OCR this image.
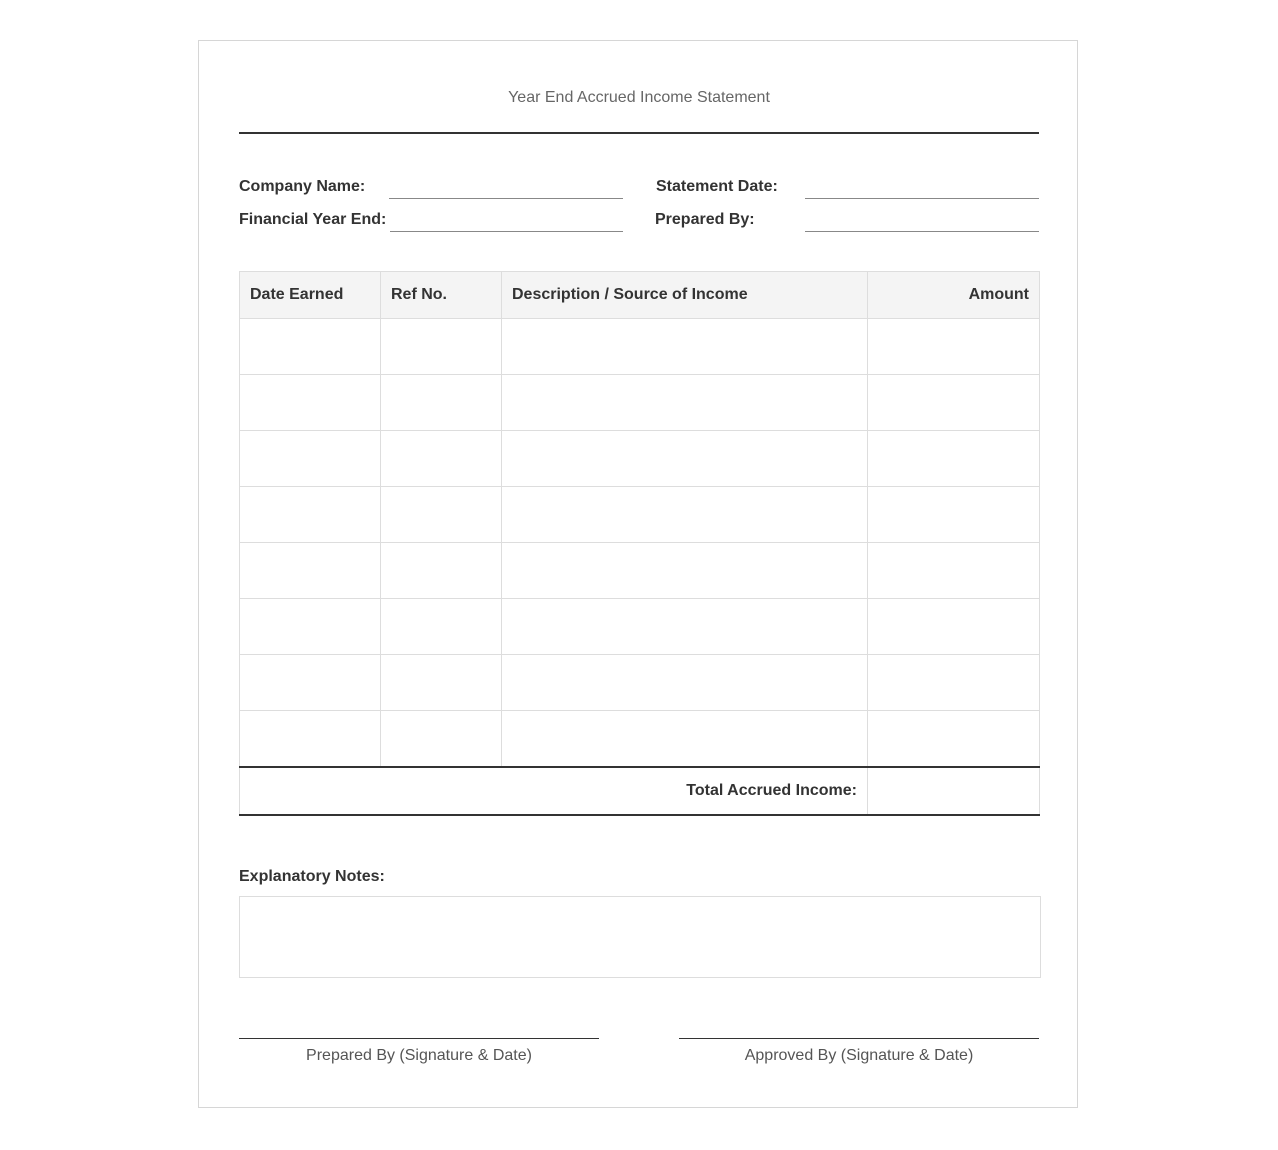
Year End Accrued Income Statement
Company Name:	Statement Date:
Financial Year End:	Prepared By:
Date Earned	Ref No.	Description / Source of Income	Amount

Total Accrued Income:			
Explanatory Notes:
Prepared By (Signature & Date)	Approved By (Signature & Date)
